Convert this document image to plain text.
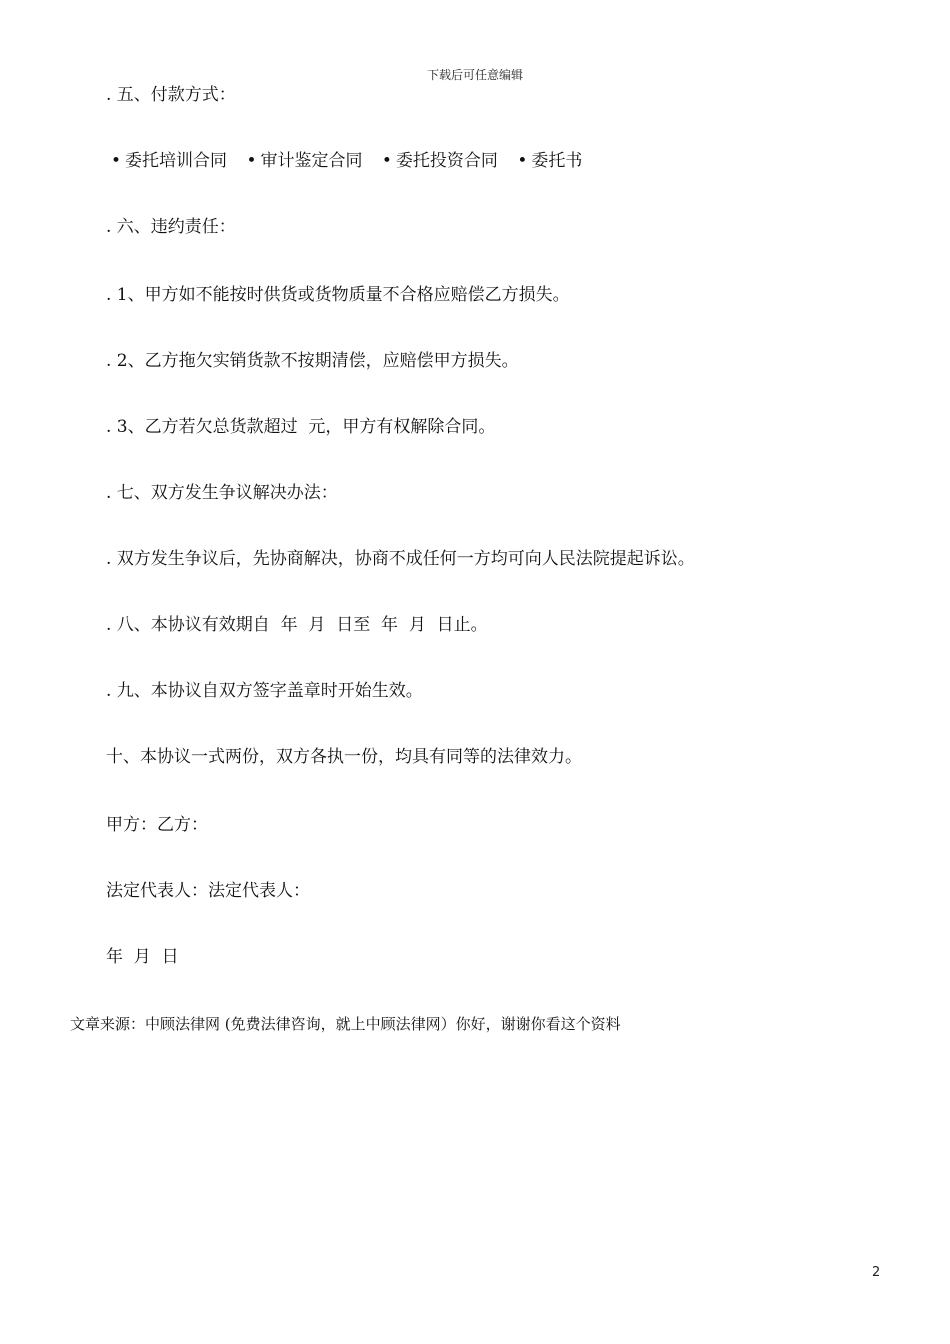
下载后可任意编辑
. 五、付款方式：
• 委托培训合同 • 审计鉴定合同 • 委托投资合同 • 委托书
. 六、违约责任：
. 1、甲方如不能按时供货或货物质量不合格应赔偿乙方损失。
. 2、乙方拖欠实销货款不按期清偿，应赔偿甲方损失。
. 3、乙方若欠总货款超过  元，甲方有权解除合同。
. 七、双方发生争议解决办法：
. 双方发生争议后，先协商解决，协商不成任何一方均可向人民法院提起诉讼。
. 八、本协议有效期自  年  月  日至  年  月  日止。
. 九、本协议自双方签字盖章时开始生效。
十、本协议一式两份，双方各执一份，均具有同等的法律效力。
甲方：乙方：
法定代表人：法定代表人：
年  月  日
文章来源：中顾法律网 (免费法律咨询，就上中顾法律网）你好，谢谢你看这个资料
2
